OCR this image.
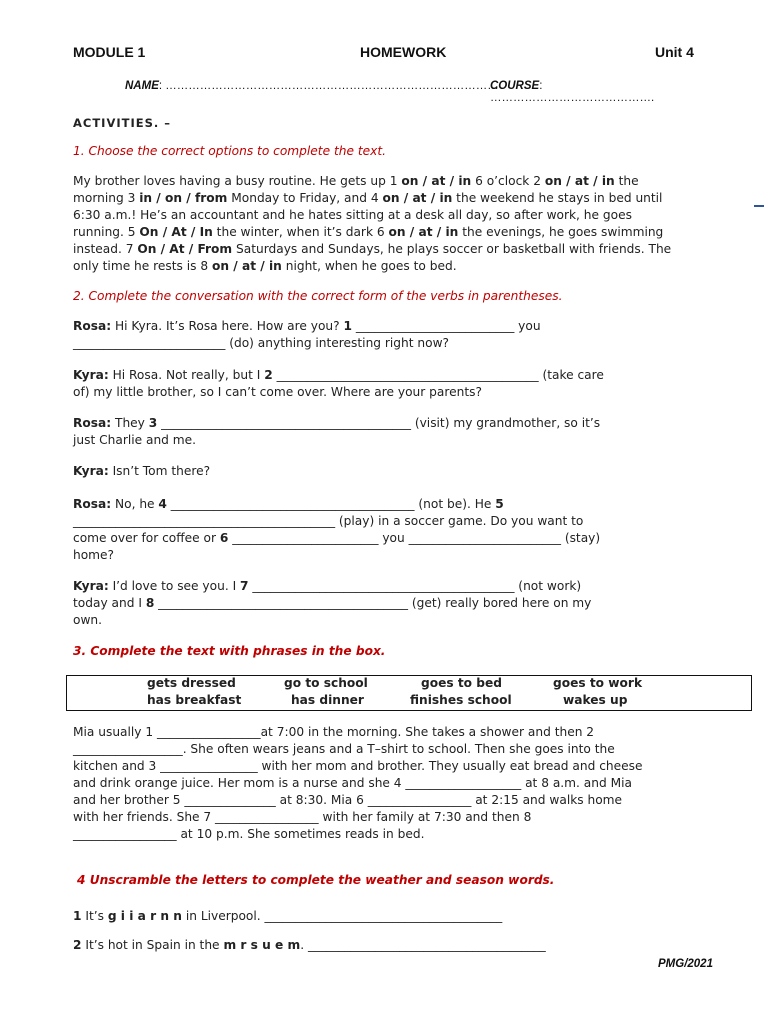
MODULE 1	HOMEWORK	Unit 4
NAME: ……………………………………………………………………………
COURSE: …………………………………….
ACTIVITIES. –
1. Choose the correct options to complete the text.
My brother loves having a busy routine. He gets up 1 on / at / in 6 o’clock 2 on / at / in the
morning 3 in / on / from Monday to Friday, and 4 on / at / in the weekend he stays in bed until
6:30 a.m.! He’s an accountant and he hates sitting at a desk all day, so after work, he goes
running. 5 On / At / In the winter, when it’s dark 6 on / at / in the evenings, he goes swimming
instead. 7 On / At / From Saturdays and Sundays, he plays soccer or basketball with friends. The
only time he rests is 8 on / at / in night, when he goes to bed.
2. Complete the conversation with the correct form of the verbs in parentheses.
Rosa: Hi Kyra. It’s Rosa here. How are you? 1 __________________________ you
_________________________ (do) anything interesting right now?
Kyra: Hi Rosa. Not really, but I 2 ___________________________________________ (take care
of) my little brother, so I can’t come over. Where are your parents?
Rosa: They 3 _________________________________________ (visit) my grandmother, so it’s
just Charlie and me.
Kyra: Isn’t Tom there?
Rosa: No, he 4 ________________________________________ (not be). He 5
___________________________________________ (play) in a soccer game. Do you want to
come over for coffee or 6 ________________________ you _________________________ (stay)
home?
Kyra: I’d love to see you. I 7 ___________________________________________ (not work)
today and I 8 _________________________________________ (get) really bored here on my
own.
3. Complete the text with phrases in the box.
gets dressed	go to school	goes to bed	goes to work
has breakfast	has dinner	finishes school	wakes up
Mia usually 1 _________________at 7:00 in the morning. She takes a shower and then 2
__________________. She often wears jeans and a T–shirt to school. Then she goes into the
kitchen and 3 ________________ with her mom and brother. They usually eat bread and cheese
and drink orange juice. Her mom is a nurse and she 4 ___________________ at 8 a.m. and Mia
and her brother 5 _______________ at 8:30. Mia 6 _________________ at 2:15 and walks home
with her friends. She 7 _________________ with her family at 7:30 and then 8
_________________ at 10 p.m. She sometimes reads in bed.
4 Unscramble the letters to complete the weather and season words.
1 It’s g i i a r n n in Liverpool. _______________________________________
2 It’s hot in Spain in the m r s u e m. _______________________________________
PMG/2021
